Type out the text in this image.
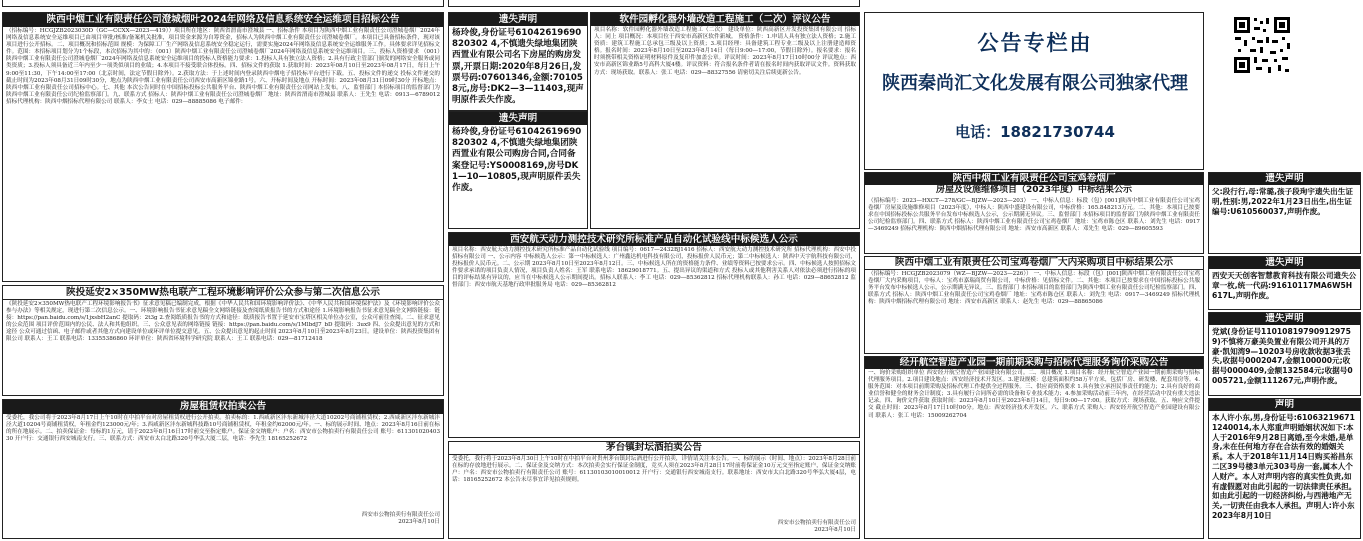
陕西中烟工业有限责任公司澄城烟叶2024年网络及信息系统安全运维项目招标公告
（招标编号：HCGJZB2023030D（GC—CCXX—2023—419））项目所在地区：陕西省渭南市澄城县 一、招标条件 本项目为陕西中烟工业有限责任公司澄城卷烟厂2024年网络及信息系统安全运维项目已由项目审批/核准/备案机关批准，项目资金来源为自筹资金，招标人为陕西中烟工业有限责任公司澄城卷烟厂。本项目已具备招标条件，现对该项目进行公开招标。二、项目概况和招标范围 规模：为保障工厂生产网络及信息系统安全稳定运行，需要实施2024年网络及信息系统安全运维服务工作。具体要求详见招标文件。范围：本招标项目划分为1个标段，本次招标为其中的：（001）陕西中烟工业有限责任公司澄城卷烟厂2024年网络及信息系统安全运维项目。三、投标人资格要求 （001）陕西中烟工业有限责任公司澄城卷烟厂2024年网络及信息系统安全运维项目的投标人资格能力要求：1.投标人具有独立法人资格；2.具有行政主管部门颁发的网络安全服务或同类资质；3.投标人须具备近三年内至少一项类似项目的业绩；4.本项目不接受联合体投标。四、招标文件的获取 1.获取时间：2023年08月10日至2023年08月17日，每日上午9:00至11:30，下午14:00至17:00（北京时间，法定节假日除外）。2.获取方法：于上述时间内登录陕西中烟电子招投标平台进行下载。五、投标文件的递交 投标文件递交的截止时间为2023年08月31日09时30分，地点为陕西中烟工业有限责任公司西安市高新区锦业路1号。六、开标时间及地点 开标时间：2023年08月31日09时30分 开标地点：陕西中烟工业有限责任公司招标中心。七、其他 本次公告同时在中国招标投标公共服务平台、陕西中烟工业有限责任公司网站上发布。八、监督部门 本招标项目的监督部门为陕西中烟工业有限责任公司纪检监察部门。九、联系方式 招标人：陕西中烟工业有限责任公司澄城卷烟厂 地址：陕西省渭南市澄城县 联系人：王先生 电话：0913—6789012 招标代理机构：陕西中烟招标代理有限公司 联系人：李女士 电话：029—88885086 电子邮件：
陕投延安2×350MW热电联产工程环境影响评价公众参与第二次信息公示
《陕投延安2×350MW热电联产工程环境影响报告书》征求意见稿已编制完成，根据《中华人民共和国环境影响评价法》、《中华人民共和国环境保护法》及《环境影响评价公众参与办法》等相关规定，现进行第二次信息公示。一、环境影响报告书征求意见稿全文网络链接及查阅纸质报告书的方式和途径 1.环境影响报告书征求意见稿全文网络链接：链接：https://pan.baidu.com/s/1jxsbH2anC 提取码：2t3g 2.查阅纸质报告书的方式和途径：纸质报告书置于延安市宝塔区相关单位办公室，公众可前往查阅。二、征求意见的公众范围 项目评价范围内的公民、法人和其他组织。三、公众意见表的网络链接 链接：https://pan.baidu.com/s/1MlbdJ7_bD 提取码：3ux9 四、公众提出意见的方式和途径 公众可通过信函、电子邮件或者其他方式向建设单位或环评单位提交意见。五、公众提出意见的起止时间 2023年8月10日至2023年8月23日。建设单位：陕西投资集团有限公司 联系人：王工 联系电话：13355386860 环评单位：陕西省环境科学研究院 联系人：王工 联系电话：029—81712418
房屋租赁权拍卖公告
受委托，我公司将于2023年8月17日上午10时在中拍平台对房屋租赁权进行公开拍卖。拍卖标的：1.西咸新区沣东新城沣泾大道10202号商铺租赁权；2.西咸新区沣东新城沣泾大道10204号商铺租赁权，年租金约123000元/年；3.西咸新区沣东新城科技路10号商铺租赁权，年租金约62000元/年。一、标的展示时间、地点：2023年8月16日前在标的所在地展示。二、拍卖保证金：每标的1万元，请于2023年8月16日17时前交至指定账户。保证金交纳账户：户名：西安市公物拍卖行有限责任公司 账号：61130102040330 开户行：交通银行西安城南支行。三、联系方式：西安市太白北路320号华弘大厦二层，电话：李先生 18165252672
西安市公物拍卖行有限责任公司
2023年8月10日
遗失声明
杨玲俊,身份证号61042619690820302 4,不慎遗失绿地集团陕西置业有限公司名下房屋的购房发票,开票日期:2020年8月26日,发票号码:07601346,金额:701058元,房号:DK2—3—11403,现声明原件丢失作废。
遗失声明
杨玲俊,身份证号61042619690820302 4,不慎遗失绿地集团陕西置业有限公司购房合同,合同备案登记号:YS0008169,房号DK1—10—10805,现声明原件丢失作废。
软件园孵化器外墙改造工程施工（二次）评议公告
项目名称：软件园孵化器外墙改造工程施工（二次） 建设单位：陕西高新区开发投资集团有限公司 招标人：同上 项目概况：本项目位于西安市高新区软件新城。 资格条件：1.申请人具有独立法人资格；2.施工资质：建筑工程施工总承包三级及以上资质；3.项目经理：具备建筑工程专业二级及以上注册建造师资格。报名时间：2023年8月10日至2023年8月14日（每日9:00—17:00，节假日除外）。报名要求：报名时须携带相关资格证明材料原件及复印件加盖公章。评议时间：2023年8月17日10时00分 评议地点：西安市高新区锦业路5号高科大厦4楼。评议资料：符合报名条件者请在报名时间内获取评议文件。资料获取方式：现场获取。联系人：张工 电话：029—88327556 请密切关注后续更新公告。
西安航天动力测控技术研究所标准产品自动化试验线中标候选人公示
项目名称：西安航天动力测控技术研究所标准产品自动化试验线 项目编号：0617—2432BJ1416 招标人：西安航天动力测控技术研究所 招标代理机构：西安中投招标有限公司 一、公示内容 中标候选人公示：第一中标候选人：广州鑫达机电科技有限公司，投标报价人民币元；第二中标候选人：陕西中天宇航科技有限公司，投标报价人民币元。二、公示期 2023年8月10日至2023年8月12日。三、中标候选人所在的资格能力条件、业绩等资料已按要求公示。四、中标候选人按照招标文件要求承诺的项目负责人情况，项目负责人姓名：王军 联系电话：18629018771。五、提出异议的渠道和方式 投标人或其他利害关系人对依法必须进行招标的项目的评标结果有异议的，应当在中标候选人公示期间提出。招标人联系人：李工 电话：029—85362812 招标代理机构联系人：孙工 电话：029—88652812 监督部门：西安市航天基地行政审批服务局 电话：029—85362812
茅台镇封坛酒拍卖公告
受委托，我行将于2023年8月30日上午10时在中拍平台对贵州茅台镇封坛酒进行公开拍卖，详情请关注本公告。一、标的展示（时间、地点）：2023年8月28日前在标的存放地进行展示。二、保证金及交纳方式：本次拍卖会实行保证金制度，竞买人须在2023年8月28日17时前将保证金10万元交至指定账户，保证金交纳账户：户名：西安市公物拍卖行有限责任公司 账号：61130103010010012 开户行：交通银行西安城南支行。联系地址：西安市太白北路320号华弘大厦4层，电话：18165252672 本公告未尽事宜详见拍卖规则。
西安市公物拍卖行有限责任公司
2023年8月10日
公告专栏由
陕西秦尚汇文化发展有限公司独家代理
电话：18821730744
陕西中烟工业有限责任公司宝鸡卷烟厂
房屋及设施维修项目（2023年度）中标结果公示
（招标编号：2023—HXCT—278/GC—BJZW—2023—203） 一、中标人信息：标段（包）[001]陕西中烟工业有限责任公司宝鸡卷烟厂房屋及设施维修项目（2023年度），中标人：陕西中盛建设有限公司，中标价格：165.848213万元。二、其他：本项目已按要求在中国招标投标公共服务平台发布中标候选人公示，公示期满无异议。三、监督部门 本招标项目的监督部门为陕西中烟工业有限责任公司纪检监察部门。四、联系方式 招标人：陕西中烟工业有限责任公司宝鸡卷烟厂 地址：宝鸡市陈仓区 联系人：刘先生 电话：0917—3469249 招标代理机构：陕西中烟招标代理有限公司 地址：西安市高新区 联系人：邓先生 电话：029—89605593
陕西中烟工业有限责任公司宝鸡卷烟厂大内采购项目中标结果公示
（招标编号：HCGJZB2023079（WZ—BJZW—2023—226）） 一、中标人信息：标段（包）[001]陕西中烟工业有限责任公司宝鸡卷烟厂大内采购项目，中标人：宝鸡市嘉瑞商贸有限公司，中标价格：见招标文件。二、其他：本项目已按要求在中国招标投标公共服务平台发布中标候选人公示，公示期满无异议。三、监督部门 本招标项目的监督部门为陕西中烟工业有限责任公司纪检监察部门。四、联系方式 招标人：陕西中烟工业有限责任公司宝鸡卷烟厂 地址：宝鸡市陈仓区 联系人：刘先生 电话：0917—3469249 招标代理机构：陕西中烟招标代理有限公司 地址：西安市高新区 联系人：赵先生 电话：029—88865086
经开航空智造产业园一期前期采购与招标代理服务询价采购公告
一、询价采购组织单位 西安经开航空智造产业园建设有限公司。二、项目概况 1.项目名称：经开航空智造产业园一期前期采购与招标代理服务项目。2.项目建设地点：西安经济技术开发区。3.建设规模：总建筑面积约58万平方米，包括厂房、研发楼、配套用房等。4.服务范围：对本项目前期采购及招标代理工作提供全过程服务。三、供应商资格要求 1.具有独立承担民事责任的能力；2.具有良好的商业信誉和健全的财务会计制度；3.具有履行合同所必需的设备和专业技术能力；4.参加采购活动前三年内，在经营活动中没有重大违法记录。四、询价文件获取 获取时间：2023年8月10日至2023年8月14日，每日9:00—17:00。获取方式：现场获取。五、响应文件提交 截止时间：2023年8月17日10时00分。地点：西安经济技术开发区。六、联系方式 采购人：西安经开航空智造产业园建设有限公司 联系人：张工 电话：15009262704
遗失声明
父:段行行,母:常璐,孩子段珣宇遗失出生证明,性别:男,2022年1月23日出生,出生证编号:U610560037,声明作废。
遗失声明
西安天天创客智慧教育科技有限公司遗失公章一枚,统一代码:91610117MA6W5H617L,声明作废。
遗失声明
党斌(身份证号110108197909129759)不慎将万豪美奂置业有限公司开具的万豪·凯知湾9—10203号房收款收据3张丢失,收据号0002047,金额100000元;收据号0000409,金额132584元;收据号0005721,金额111267元,声明作废。
声明
本人许小东,男,身份证号:610632196711240014,本人郑重声明婚姻状况如下:本人于2016年9月28日离婚,至今未婚,是单身,未在任何地方存在合法有效的婚姻关系。本人于2018年11月14日购买裕昌东二区39号楼3单元303号房一套,属本人个人财产。本人对声明内容的真实性负责,如有虚假愿对由此引起的一切法律责任承担。如由此引起的一切经济纠纷,与西港地产无关,一切责任由我本人承担。声明人:许小东 2023年8月10日
